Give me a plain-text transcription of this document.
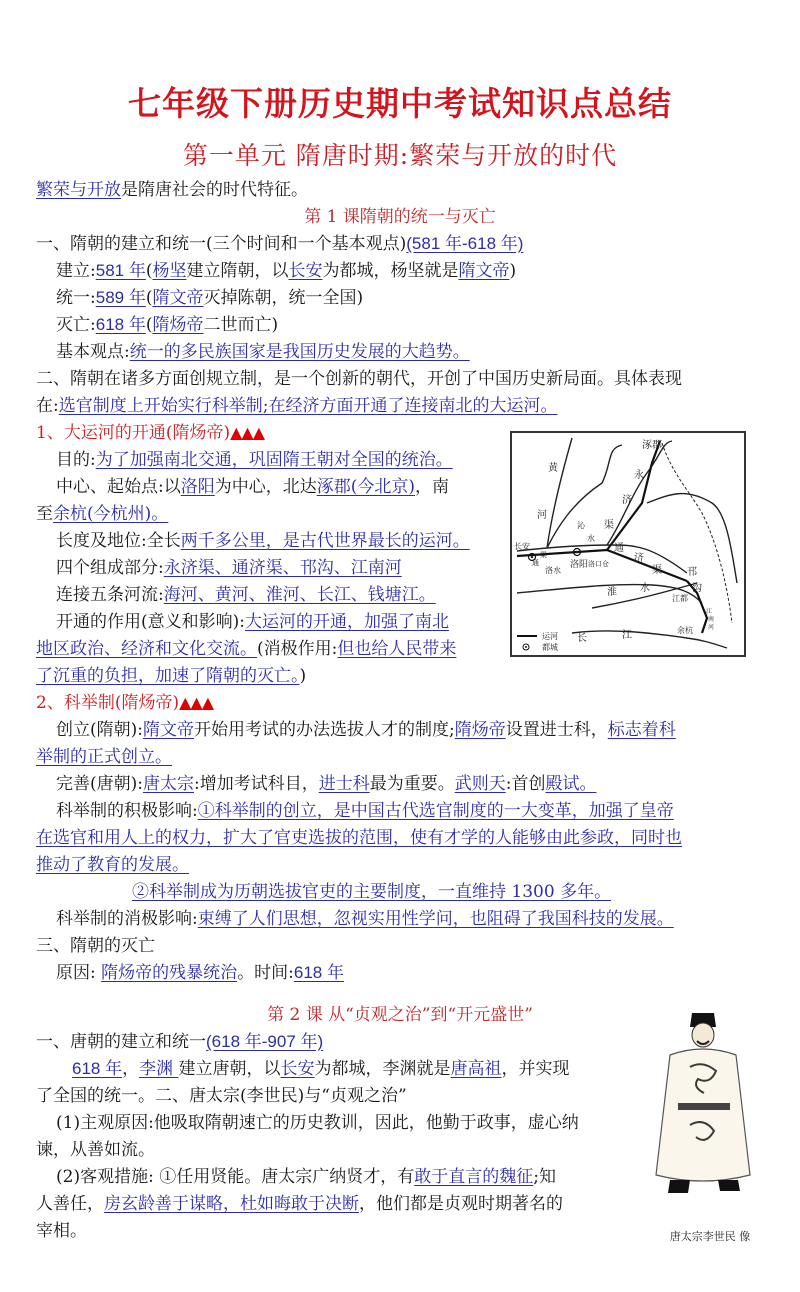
七年级下册历史期中考试知识点总结
第一单元 隋唐时期:繁荣与开放的时代
繁荣与开放是隋唐社会的时代特征。
第 1 课隋朝的统一与灭亡
一、隋朝的建立和统一(三个时间和一个基本观点)(581 年-618 年)
建立:581 年(杨坚建立隋朝，以长安为都城，杨坚就是隋文帝)
统一:589 年(隋文帝灭掉陈朝，统一全国)
灭亡:618 年(隋炀帝二世而亡)
基本观点:统一的多民族国家是我国历史发展的大趋势。
二、隋朝在诸多方面创规立制，是一个创新的朝代，开创了中国历史新局面。具体表现
在:选官制度上开始实行科举制;在经济方面开通了连接南北的大运河。
1、大运河的开通(隋炀帝)▲▲▲
目的:为了加强南北交通，巩固隋王朝对全国的统治。
中心、起始点:以洛阳为中心，北达涿郡(今北京)，南
至余杭(今杭州)。
长度及地位:全长两千多公里，是古代世界最长的运河。
四个组成部分:永济渠、通济渠、邗沟、江南河
连接五条河流:海河、黄河、淮河、长江、钱塘江。
开通的作用(意义和影响):大运河的开通，加强了南北
地区政治、经济和文化交流。(消极作用:但也给人民带来
了沉重的负担，加速了隋朝的灭亡。)
涿郡
黄
河
永
济
渠
沁
水
长安	通
济
渠
洛阳 洛口仓
洛水
通
渠
淮 水
邗
沟
江都
江
南
河
余杭
长	江
运河
都城
2、科举制(隋炀帝)▲▲▲
创立(隋朝):隋文帝开始用考试的办法选拔人才的制度;隋炀帝设置进士科，标志着科
举制的正式创立。
完善(唐朝):唐太宗:增加考试科目，进士科最为重要。武则天:首创殿试。
科举制的积极影响:①科举制的创立，是中国古代选官制度的一大变革，加强了皇帝
在选官和用人上的权力，扩大了官吏选拔的范围，使有才学的人能够由此参政，同时也
推动了教育的发展。
②科举制成为历朝选拔官吏的主要制度，一直维持 1300 多年。
科举制的消极影响:束缚了人们思想，忽视实用性学问，也阻碍了我国科技的发展。
三、隋朝的灭亡
原因: 隋炀帝的残暴统治。时间:618 年
第 2 课 从“贞观之治”到“开元盛世”
一、唐朝的建立和统一(618 年-907 年)
618 年，李渊 建立唐朝，以长安为都城，李渊就是唐高祖，并实现
了全国的统一。二、唐太宗(李世民)与“贞观之治”
(1)主观原因:他吸取隋朝速亡的历史教训，因此，他勤于政事，虚心纳
谏，从善如流。
(2)客观措施: ①任用贤能。唐太宗广纳贤才，有敢于直言的魏征;知
人善任，房玄龄善于谋略，杜如晦敢于决断，他们都是贞观时期著名的
宰相。	唐太宗李世民 像
